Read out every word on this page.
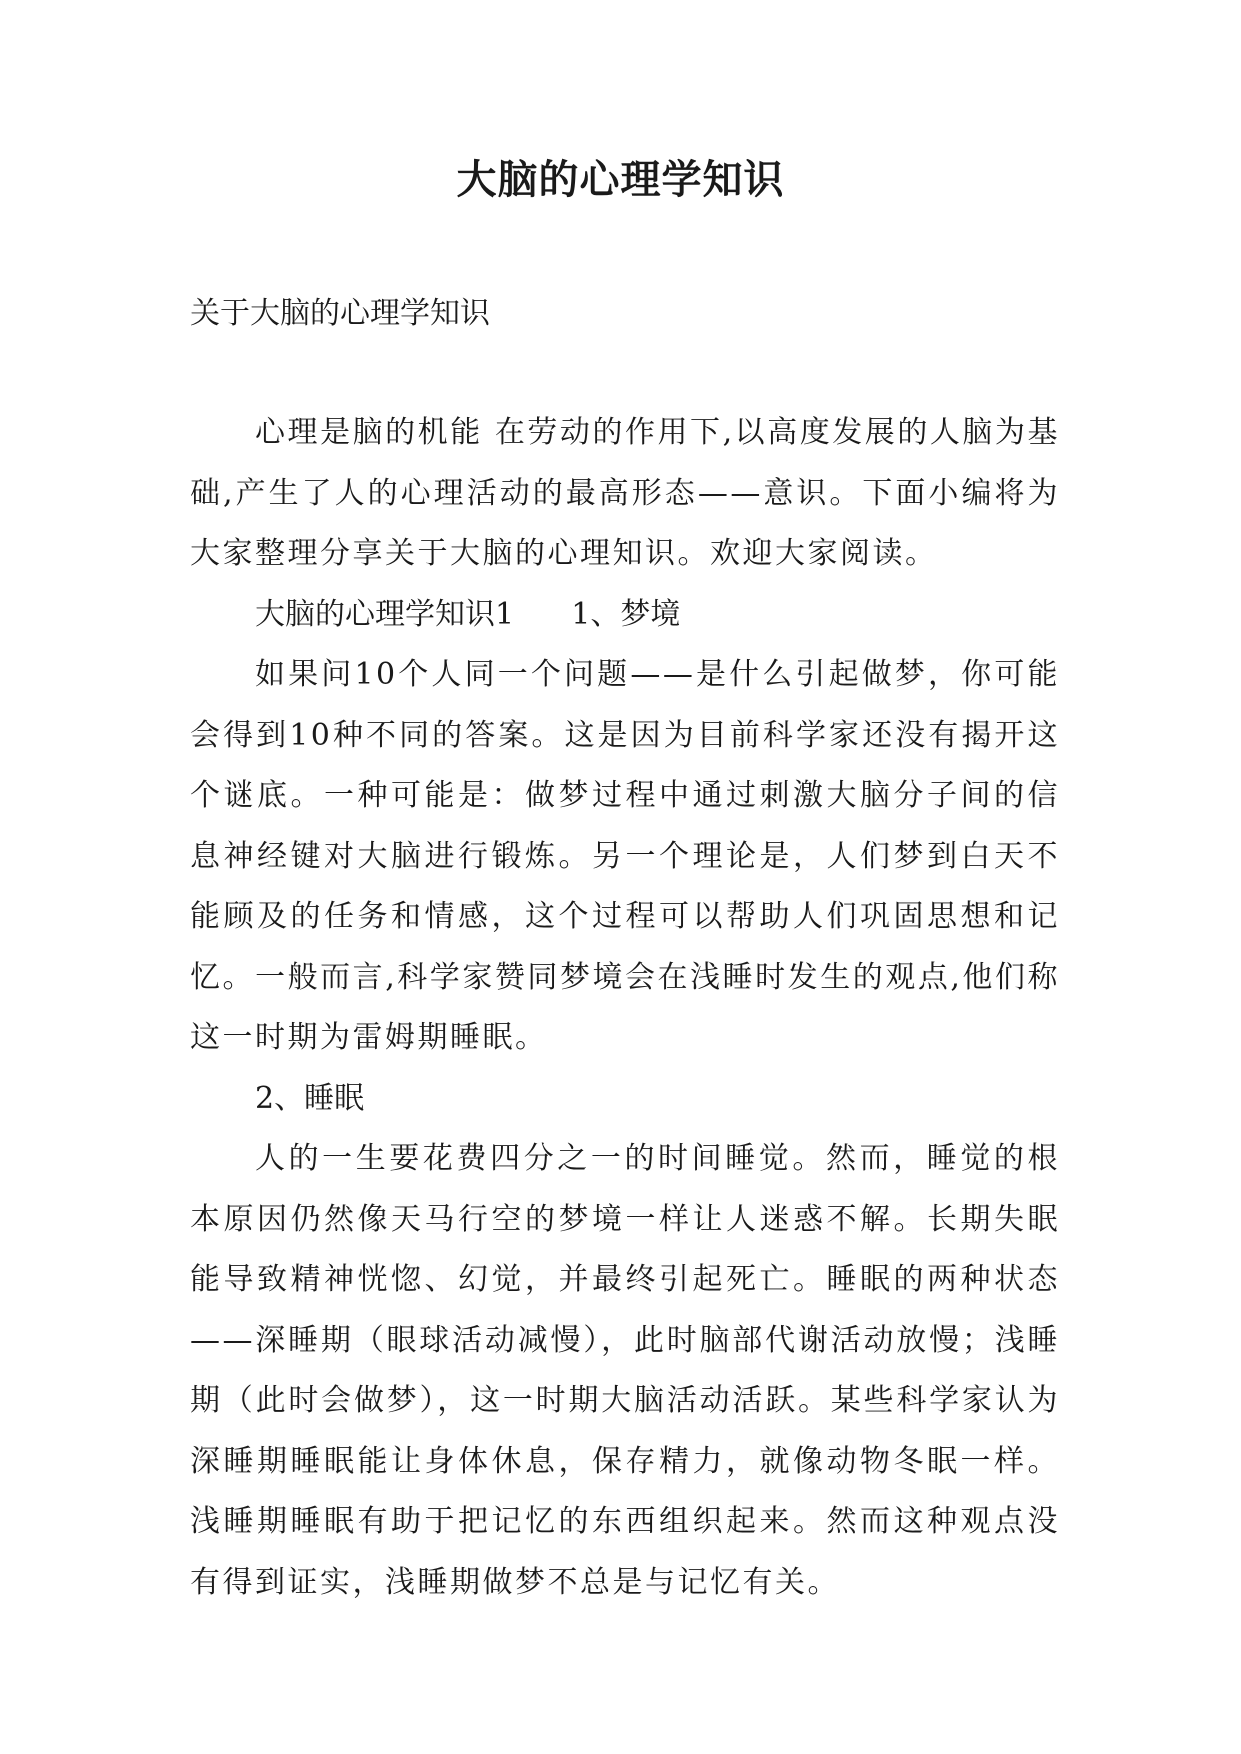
大脑的心理学知识

关于大脑的心理学知识

心理是脑的机能 在劳动的作用下,以高度发展的人脑为基础,产生了人的心理活动的最高形态——意识。下面小编将为大家整理分享关于大脑的心理知识。欢迎大家阅读。

大脑的心理学知识1      1、梦境

如果问10个人同一个问题——是什么引起做梦，你可能会得到10种不同的答案。这是因为目前科学家还没有揭开这个谜底。一种可能是：做梦过程中通过刺激大脑分子间的信息神经键对大脑进行锻炼。另一个理论是，人们梦到白天不能顾及的任务和情感，这个过程可以帮助人们巩固思想和记忆。一般而言,科学家赞同梦境会在浅睡时发生的观点,他们称这一时期为雷姆期睡眠。

2、睡眠

人的一生要花费四分之一的时间睡觉。然而，睡觉的根本原因仍然像天马行空的梦境一样让人迷惑不解。长期失眠能导致精神恍惚、幻觉，并最终引起死亡。睡眠的两种状态——深睡期（眼球活动减慢），此时脑部代谢活动放慢；浅睡期（此时会做梦），这一时期大脑活动活跃。某些科学家认为深睡期睡眠能让身体休息，保存精力，就像动物冬眠一样。浅睡期睡眠有助于把记忆的东西组织起来。然而这种观点没有得到证实，浅睡期做梦不总是与记忆有关。
